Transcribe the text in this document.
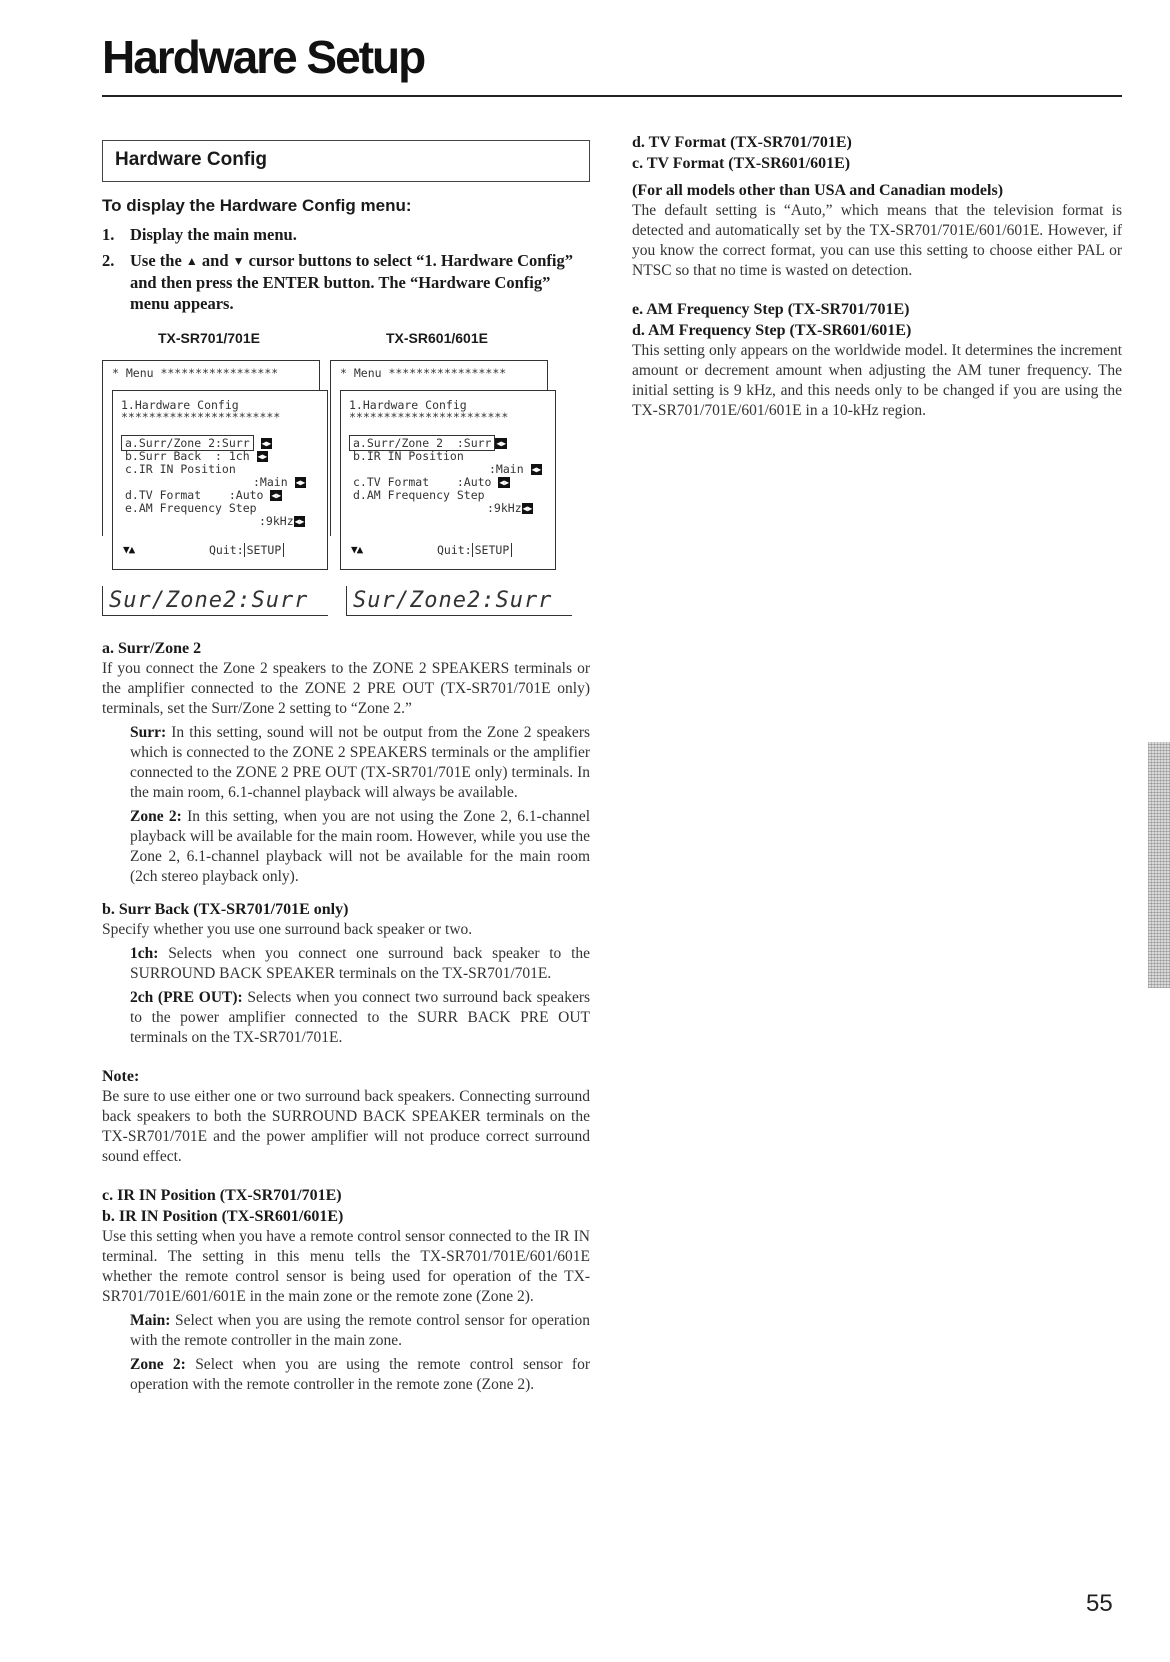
Hardware Setup
Hardware Config
To display the Hardware Config menu:
1. Display the main menu.
2. Use the ▲ and ▼ cursor buttons to select “1. Hardware Config” and then press the ENTER button. The “Hardware Config” menu appears.
TX-SR701/701E	TX-SR601/601E
* Menu *****************
1.Hardware Config
***********************
a.Surr/Zone 2:Surr ◀▶
b.Surr Back  : 1ch ◀▶
c.IR IN Position
:Main ◀▶
d.TV Format    :Auto ◀▶
e.AM Frequency Step
:9kHz◀▶
▼▲	Quit: SETUP
* Menu *****************
1.Hardware Config
***********************
a.Surr/Zone 2  :Surr ◀▶
b.IR IN Position
:Main ◀▶
c.TV Format    :Auto ◀▶
d.AM Frequency Step
:9kHz◀▶
▼▲	Quit: SETUP
Sur/Zone2:Surr	Sur/Zone2:Surr

a. Surr/Zone 2

If you connect the Zone 2 speakers to the ZONE 2 SPEAKERS terminals or the amplifier connected to the ZONE 2 PRE OUT (TX-SR701/701E only) terminals, set the Surr/Zone 2 setting to “Zone 2.”

Surr: In this setting, sound will not be output from the Zone 2 speakers which is connected to the ZONE 2 SPEAKERS terminals or the amplifier connected to the ZONE 2 PRE OUT (TX-SR701/701E only) terminals. In the main room, 6.1-channel playback will always be available.

Zone 2: In this setting, when you are not using the Zone 2, 6.1-channel playback will be available for the main room. However, while you use the Zone 2, 6.1-channel playback will not be available for the main room (2ch stereo playback only).

b. Surr Back (TX-SR701/701E only)

Specify whether you use one surround back speaker or two.

1ch: Selects when you connect one surround back speaker to the SURROUND BACK SPEAKER terminals on the TX-SR701/701E.

2ch (PRE OUT): Selects when you connect two surround back speakers to the power amplifier connected to the SURR BACK PRE OUT terminals on the TX-SR701/701E.

Note:

Be sure to use either one or two surround back speakers. Connecting surround back speakers to both the SURROUND BACK SPEAKER terminals on the TX-SR701/701E and the power amplifier will not produce correct surround sound effect.

c. IR IN Position (TX-SR701/701E)

b. IR IN Position (TX-SR601/601E)

Use this setting when you have a remote control sensor connected to the IR IN terminal. The setting in this menu tells the TX-SR701/701E/601/601E whether the remote control sensor is being used for operation of the TX-SR701/701E/601/601E in the main zone or the remote zone (Zone 2).

Main: Select when you are using the remote control sensor for operation with the remote controller in the main zone.

Zone 2: Select when you are using the remote control sensor for operation with the remote controller in the remote zone (Zone 2).

d. TV Format (TX-SR701/701E)

c. TV Format (TX-SR601/601E)

(For all models other than USA and Canadian models)

The default setting is “Auto,” which means that the television format is detected and automatically set by the TX-SR701/701E/601/601E. However, if you know the correct format, you can use this setting to choose either PAL or NTSC so that no time is wasted on detection.

e. AM Frequency Step (TX-SR701/701E)

d. AM Frequency Step (TX-SR601/601E)

This setting only appears on the worldwide model. It determines the increment amount or decrement amount when adjusting the AM tuner frequency. The initial setting is 9 kHz, and this needs only to be changed if you are using the TX-SR701/701E/601/601E in a 10-kHz region.

55
